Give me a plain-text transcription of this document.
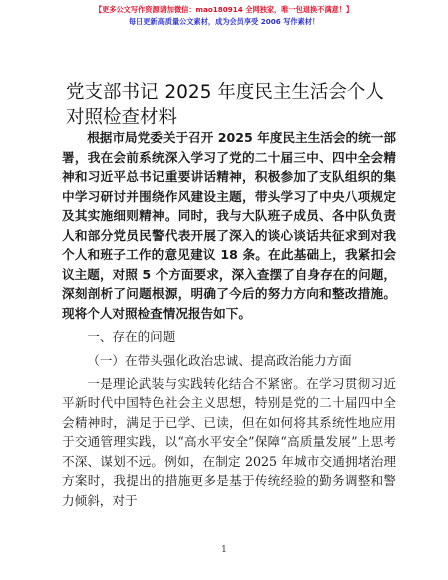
【更多公文写作资源请加微信：mao180914 全网独家，唯一包退换不满意！】
每日更新高质量公文素材，成为会员享受 2006 写作素材！
党支部书记 2025 年度民主生活会个人对照检查材料

根据市局党委关于召开 2025 年度民主生活会的统一部署，我在会前系统深入学习了党的二十届三中、四中全会精神和习近平总书记重要讲话精神，积极参加了支队组织的集中学习研讨并围绕作风建设主题，带头学习了中央八项规定及其实施细则精神。同时，我与大队班子成员、各中队负责人和部分党员民警代表开展了深入的谈心谈话共征求到对我个人和班子工作的意见建议 18 条。在此基础上，我紧扣会议主题，对照 5 个方面要求，深入查摆了自身存在的问题，深刻剖析了问题根源，明确了今后的努力方向和整改措施。现将个人对照检查情况报告如下。

一、存在的问题

（一）在带头强化政治忠诚、提高政治能力方面

一是理论武装与实践转化结合不紧密。在学习贯彻习近平新时代中国特色社会主义思想，特别是党的二十届四中全会精神时，满足于已学、已读，但在如何将其系统性地应用于交通管理实践，以“高水平安全”保障“高质量发展”上思考不深、谋划不远。例如，在制定 2025 年城市交通拥堵治理方案时，我提出的措施更多是基于传统经验的勤务调整和警力倾斜，对于

1
